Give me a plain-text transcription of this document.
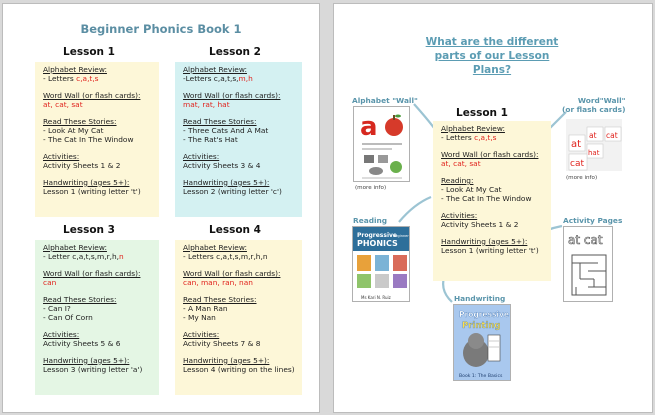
Beginner Phonics Book 1
Lesson 1
Alphabet Review:
- Letters c,a,t,s
Word Wall (or flash cards):
at, cat, sat
Read These Stories:
- Look At My Cat
- The Cat In The Window
Activities:
Activity Sheets 1 & 2
Handwriting (ages 5+):
Lesson 1 (writing letter 't')
Lesson 2
Alphabet Review:
-Letters c,a,t,s,m,h
Word Wall (or flash cards):
mat, rat, hat
Read These Stories:
- Three Cats And A Mat
- The Rat's Hat
Activities:
Activity Sheets 3 & 4
Handwriting (ages 5+):
Lesson 2 (writing letter 'c')
Lesson 3
Alphabet Review:
- Letter c,a,t,s,m,r,h,n
Word Wall (or flash cards):
can
Read These Stories:
- Can I?
- Can Of Corn
Activities:
Activity Sheets 5 & 6
Handwriting (ages 5+):
Lesson 3 (writing letter 'a')
Lesson 4
Alphabet Review:
- Letters c,a,t,s,m,r,h,n
Word Wall (or flash cards):
can, man, ran, nan
Read These Stories:
- A Man Ran
- My Nan
Activities:
Activity Sheets 7 & 8
Handwriting (ages 5+):
Lesson 4 (writing on the lines)
What are the different
parts of our Lesson
Plans?
Alphabet "Wall"
a
(more info)
Word"Wall"
(or flash cards)
at
at cat
hat
cat
(more info)
Lesson 1
Alphabet Review:
- Letters c,a,t,s
Word Wall (or flash cards):
at, cat, sat
Reading:
- Look At My Cat
- The Cat In The Window
Activities:
Activity Sheets 1 & 2
Handwriting (ages 5+):
Lesson 1 (writing letter 't')
Reading
Progressive
PHONICS
Beginner
Ms Kari N. Ruiz
Activity Pages
at cat
Handwriting
Progressive
Printing
Book 1: The Basics
